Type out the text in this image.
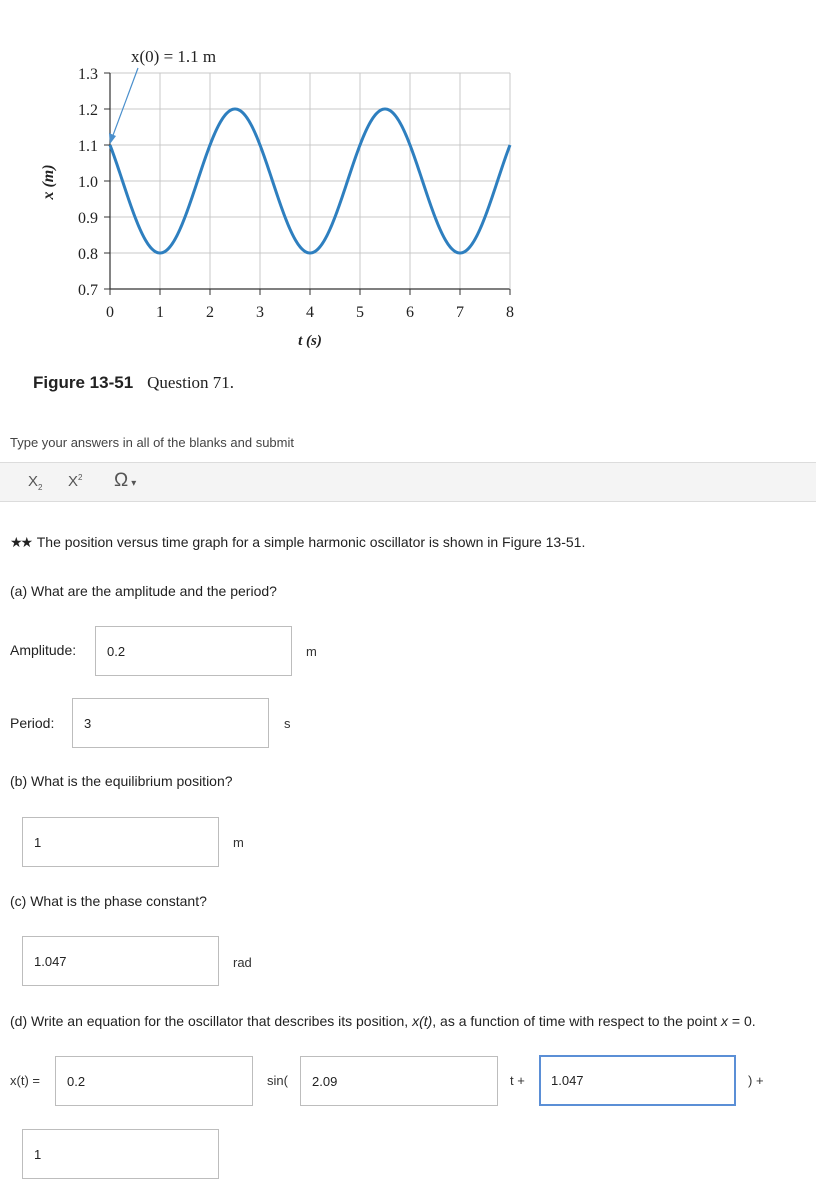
0.7
0.8
0.9
1.0
1.1
1.2
1.3
0	1	2	3	4	5	6	7	8
x (m)
t (s)
x(0) = 1.1 m
Figure 13-51 Question 71.
Type your answers in all of the blanks and submit
$X_2$ $X^2$ Ω ▾
★★ The position versus time graph for a simple harmonic oscillator is shown in Figure 13-51.
(a) What are the amplitude and the period?
Amplitude:
0.2	m
Period:
3	s
(b) What is the equilibrium position?
1
m
(c) What is the phase constant?
1.047
rad
(d) Write an equation for the oscillator that describes its position, x(t), as a function of time with respect to the point x = 0.
x(t) =
0.2	sin(
2.09	t +
1.047	) +
1
